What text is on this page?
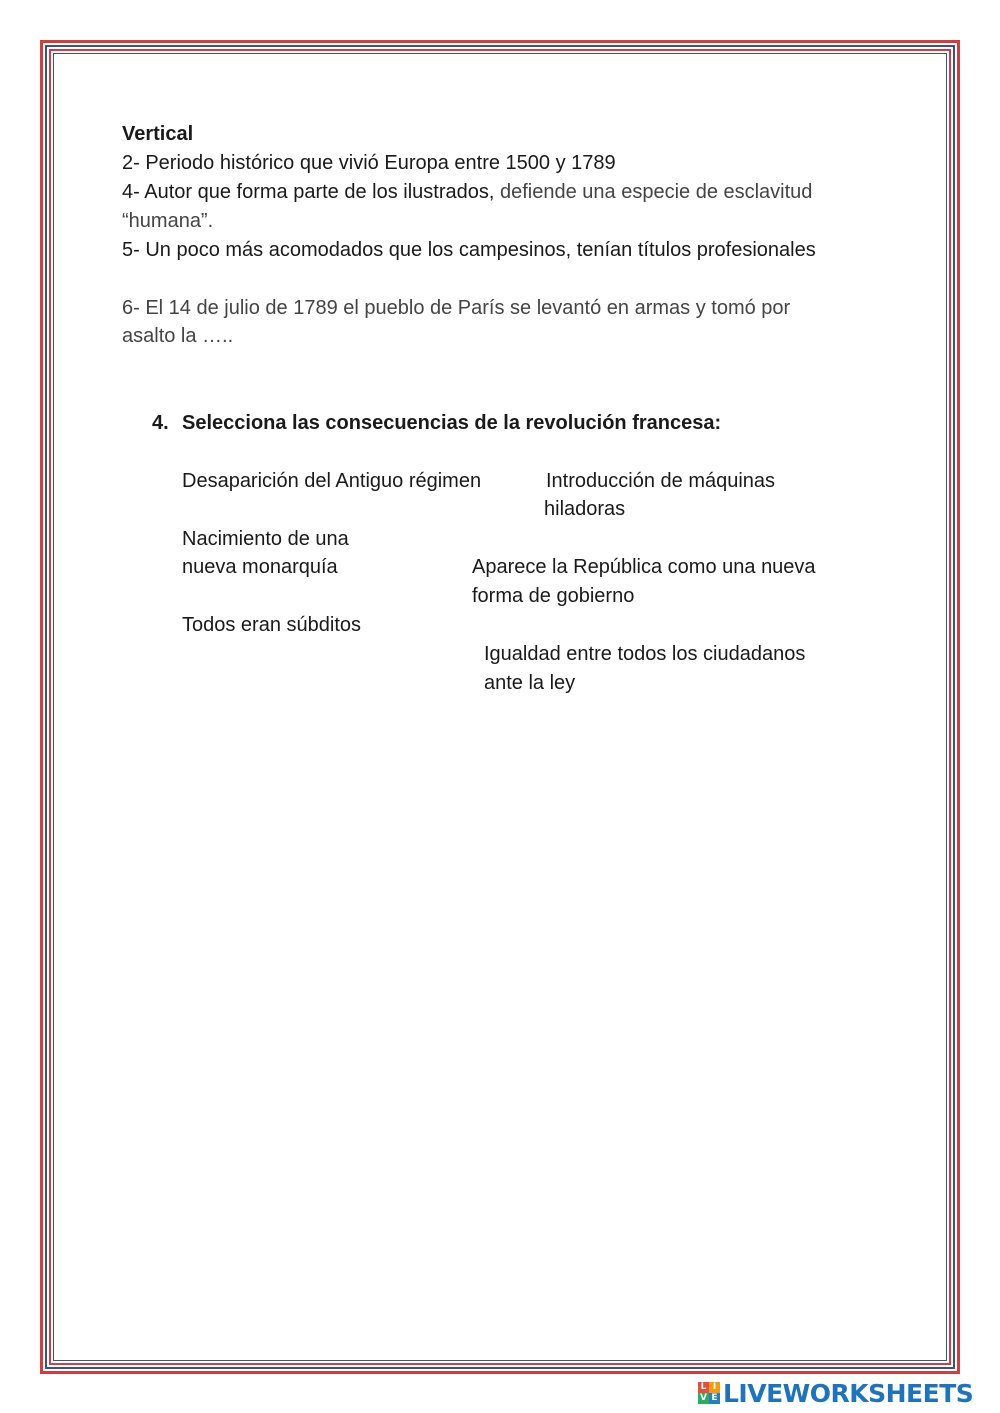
Vertical
2- Periodo histórico que vivió Europa entre 1500 y 1789
4- Autor que forma parte de los ilustrados, defiende una especie de esclavitud
“humana”.
5- Un poco más acomodados que los campesinos, tenían títulos profesionales
6- El 14 de julio de 1789 el pueblo de París se levantó en armas y tomó por
asalto la …..
4. Selecciona las consecuencias de la revolución francesa:
Desaparición del Antiguo régimen	Introducción de máquinas
hiladoras
Nacimiento de una
nueva monarquía	Aparece la República como una nueva
forma de gobierno
Todos eran súbditos
Igualdad entre todos los ciudadanos
ante la ley
L I
V E LIVEWORKSHEETS
